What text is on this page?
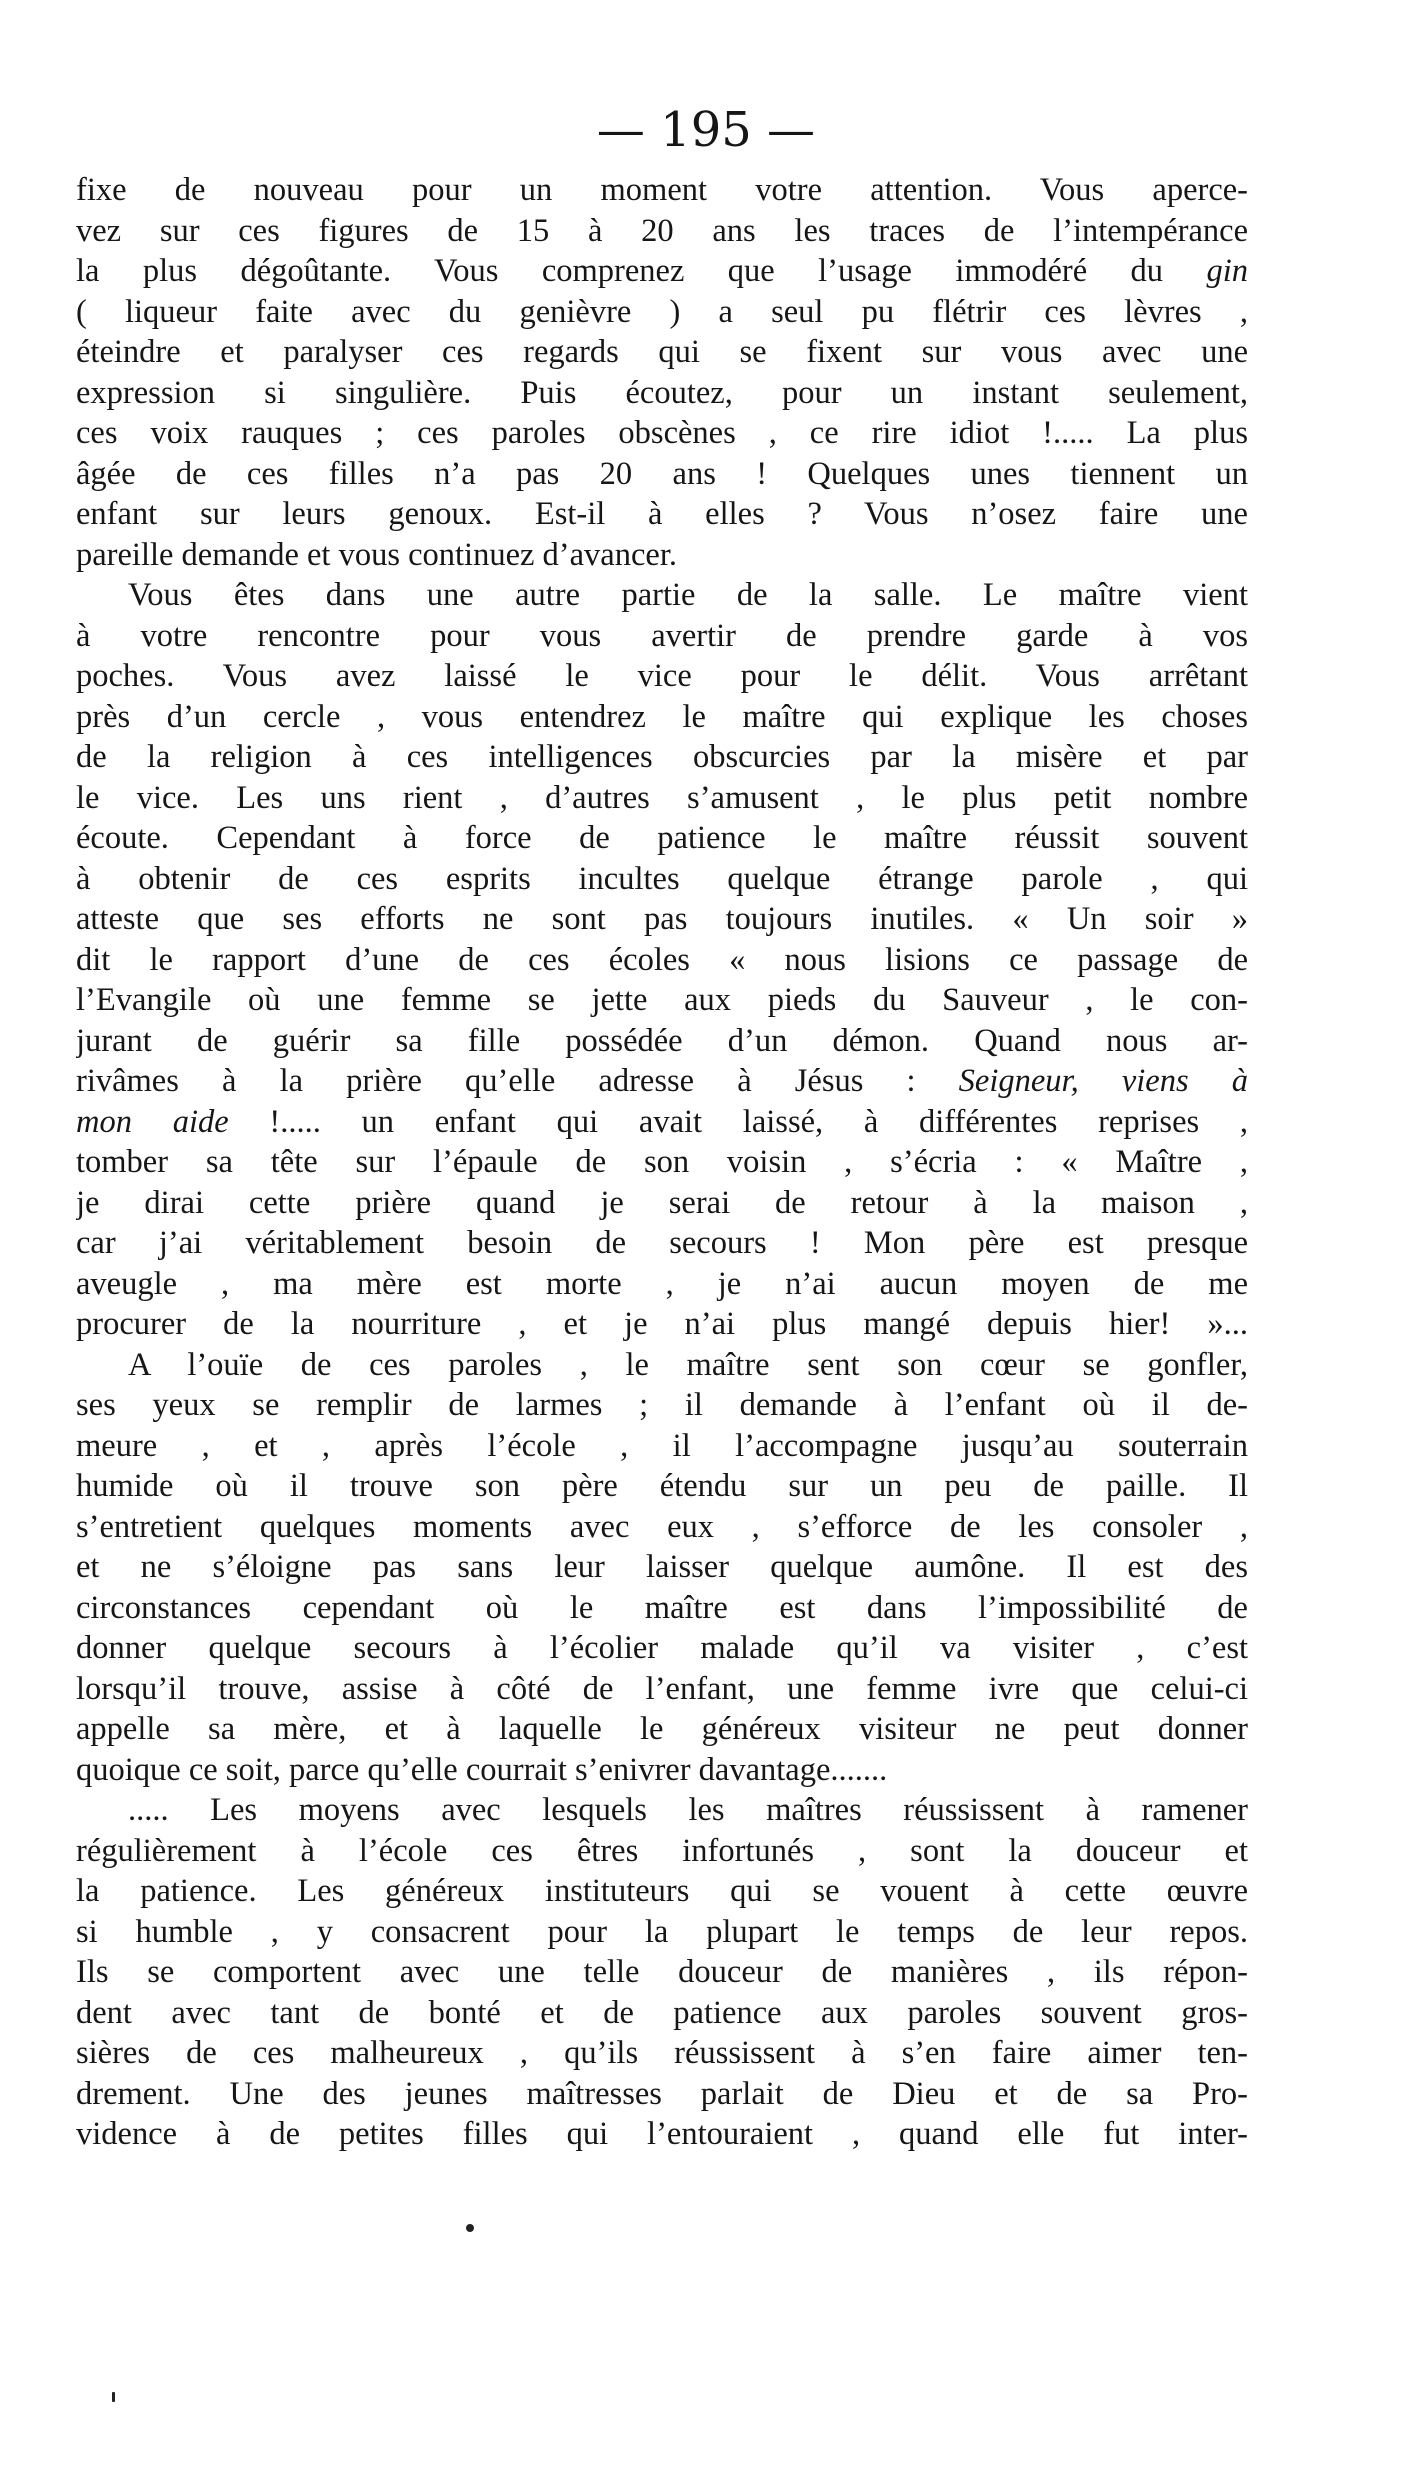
— 195 —
fixe de nouveau pour un moment votre attention. Vous aperce-
vez sur ces figures de 15 à 20 ans les traces de l’intempérance
la plus dégoûtante. Vous comprenez que l’usage immodéré du gin
( liqueur faite avec du genièvre ) a seul pu flétrir ces lèvres ,
éteindre et paralyser ces regards qui se fixent sur vous avec une
expression si singulière. Puis écoutez, pour un instant seulement,
ces voix rauques ; ces paroles obscènes , ce rire idiot !..... La plus
âgée de ces filles n’a pas 20 ans ! Quelques unes tiennent un
enfant sur leurs genoux. Est-il à elles ? Vous n’osez faire une
pareille demande et vous continuez d’avancer.
Vous êtes dans une autre partie de la salle. Le maître vient
à votre rencontre pour vous avertir de prendre garde à vos
poches. Vous avez laissé le vice pour le délit. Vous arrêtant
près d’un cercle , vous entendrez le maître qui explique les choses
de la religion à ces intelligences obscurcies par la misère et par
le vice. Les uns rient , d’autres s’amusent , le plus petit nombre
écoute. Cependant à force de patience le maître réussit souvent
à obtenir de ces esprits incultes quelque étrange parole , qui
atteste que ses efforts ne sont pas toujours inutiles. « Un soir »
dit le rapport d’une de ces écoles « nous lisions ce passage de
l’Evangile où une femme se jette aux pieds du Sauveur , le con-
jurant de guérir sa fille possédée d’un démon. Quand nous ar-
rivâmes à la prière qu’elle adresse à Jésus : Seigneur, viens à
mon aide !..... un enfant qui avait laissé, à différentes reprises ,
tomber sa tête sur l’épaule de son voisin , s’écria : « Maître ,
je dirai cette prière quand je serai de retour à la maison ,
car j’ai véritablement besoin de secours ! Mon père est presque
aveugle , ma mère est morte , je n’ai aucun moyen de me
procurer de la nourriture , et je n’ai plus mangé depuis hier! »...
A l’ouïe de ces paroles , le maître sent son cœur se gonfler,
ses yeux se remplir de larmes ; il demande à l’enfant où il de-
meure , et , après l’école , il l’accompagne jusqu’au souterrain
humide où il trouve son père étendu sur un peu de paille. Il
s’entretient quelques moments avec eux , s’efforce de les consoler ,
et ne s’éloigne pas sans leur laisser quelque aumône. Il est des
circonstances cependant où le maître est dans l’impossibilité de
donner quelque secours à l’écolier malade qu’il va visiter , c’est
lorsqu’il trouve, assise à côté de l’enfant, une femme ivre que celui-ci
appelle sa mère, et à laquelle le généreux visiteur ne peut donner
quoique ce soit, parce qu’elle courrait s’enivrer davantage.......
..... Les moyens avec lesquels les maîtres réussissent à ramener
régulièrement à l’école ces êtres infortunés , sont la douceur et
la patience. Les généreux instituteurs qui se vouent à cette œuvre
si humble , y consacrent pour la plupart le temps de leur repos.
Ils se comportent avec une telle douceur de manières , ils répon-
dent avec tant de bonté et de patience aux paroles souvent gros-
sières de ces malheureux , qu’ils réussissent à s’en faire aimer ten-
drement. Une des jeunes maîtresses parlait de Dieu et de sa Pro-
vidence à de petites filles qui l’entouraient , quand elle fut inter-
